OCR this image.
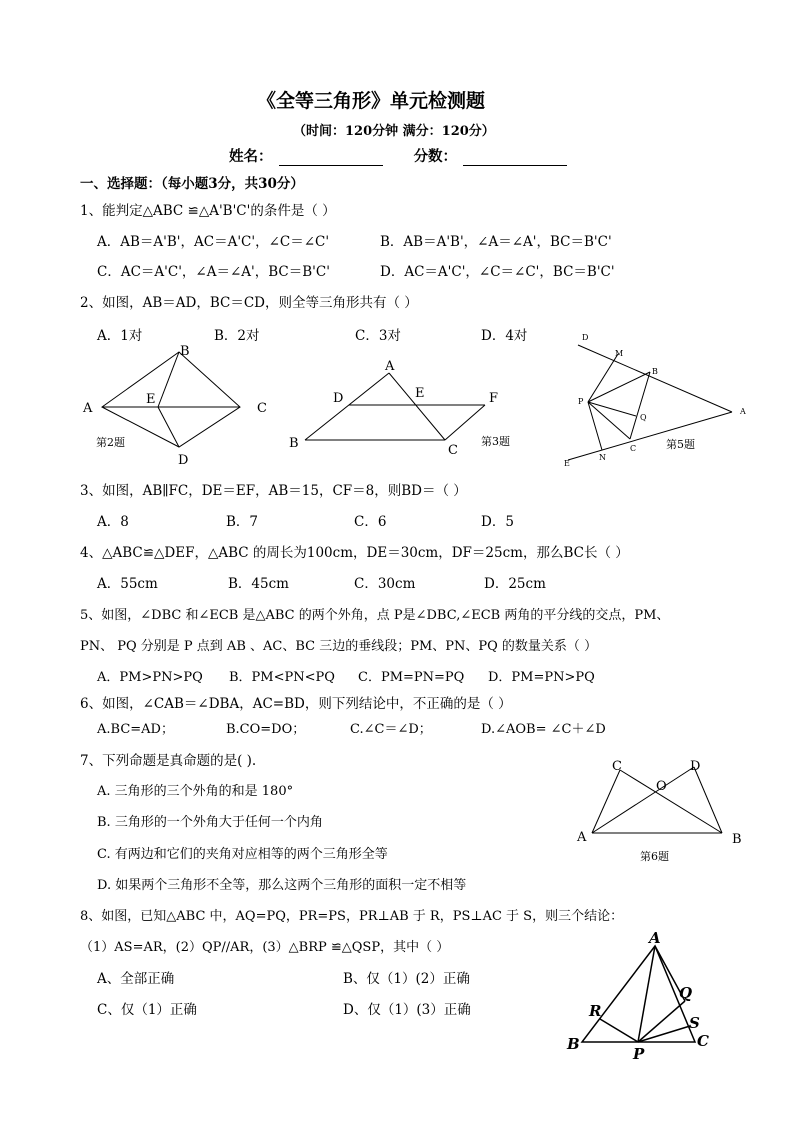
《全等三角形》单元检测题
（时间：120分钟 满分：120分）
姓名：	分数：
一、选择题：（每小题3分，共30分）
1、能判定△ABC ≌△A'B'C'的条件是（ ）
A．AB＝A'B'，AC＝A'C'，∠C＝∠C'	B．AB＝A'B'，∠A＝∠A'，BC＝B'C'
C．AC＝A'C'，∠A＝∠A'，BC＝B'C'	D．AC＝A'C'，∠C＝∠C'，BC＝B'C'
2、如图，AB＝AD，BC＝CD，则全等三角形共有（ ）
A．1对	B．2对	C．3对	D．4对
A
B
C
D
E
第2题
A
B	C
D	E	F
第3题
D
M
B
A
P
Q
C
N
E
第5题
3、如图，AB∥FC，DE＝EF，AB＝15，CF＝8，则BD＝（ ）
A．8	B．7	C．6	D．5
4、△ABC≌△DEF，△ABC 的周长为100cm，DE＝30cm，DF＝25cm，那么BC长（ ）
A．55cm	B．45cm	C．30cm	D．25cm
5、如图，∠DBC 和∠ECB 是△ABC 的两个外角，点 P是∠DBC,∠ECB 两角的平分线的交点，PM、
PN、 PQ 分别是 P 点到 AB 、AC、BC 三边的垂线段；PM、PN、PQ 的数量关系（ ）
A．PM>PN>PQ B．PM<PN<PQ C．PM=PN=PQ D．PM=PN>PQ
6、如图，∠CAB＝∠DBA，AC=BD，则下列结论中，不正确的是（ ）
A.BC=AD；	B.CO=DO；	C.∠C＝∠D；	D.∠AOB= ∠C＋∠D
7、下列命题是真命题的是( ).
A. 三角形的三个外角的和是 180°
B. 三角形的一个外角大于任何一个内角
C. 有两边和它们的夹角对应相等的两个三角形全等
D. 如果两个三角形不全等，那么这两个三角形的面积一定不相等
C	D
O
A	B
第6题
8、如图，已知△ABC 中，AQ=PQ，PR=PS，PR⊥AB 于 R，PS⊥AC 于 S，则三个结论：
（1）AS=AR，(2）QP//AR，(3）△BRP ≌△QSP，其中（ ）
A、全部正确	B、仅（1）(2）正确
C、仅（1）正确	D、仅（1）(3）正确
A
B	C
P
Q
R
S
